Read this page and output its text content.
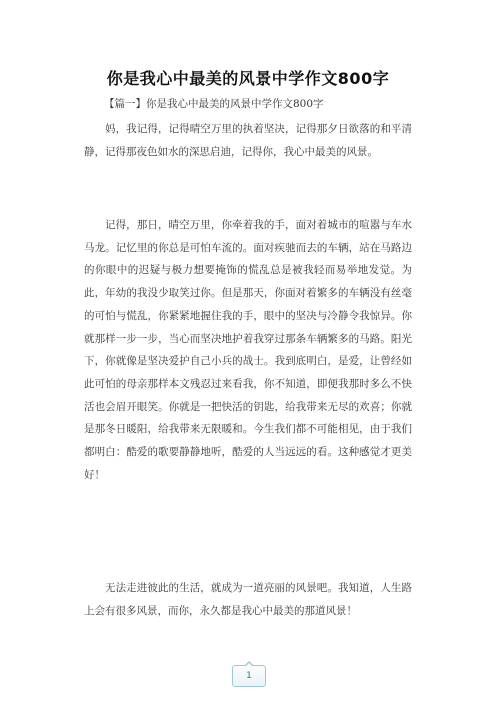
你是我心中最美的风景中学作文800字
【篇一】你是我心中最美的风景中学作文800字

妈，我记得，记得晴空万里的执着坚决，记得那夕日欲落的和平清静，记得那夜色如水的深思启迪，记得你，我心中最美的风景。

记得，那日，晴空万里，你牵着我的手，面对着城市的喧嚣与车水马龙。记忆里的你总是可怕车流的。面对疾驰而去的车辆，站在马路边的你眼中的迟疑与极力想要掩饰的慌乱总是被我轻而易举地发觉。为此，年幼的我没少取笑过你。但是那天，你面对着繁多的车辆没有丝毫的可怕与慌乱，你紧紧地握住我的手，眼中的坚决与冷静令我惊异。你就那样一步一步，当心而坚决地护着我穿过那条车辆繁多的马路。阳光下，你就像是坚决爱护自己小兵的战士。我到底明白，是爱，让曾经如此可怕的母亲那样本文残忍过来看我，你不知道，即便我那时多么不快活也会眉开眼笑。你就是一把快活的钥匙，给我带来无尽的欢喜；你就是那冬日暖阳，给我带来无限暖和。今生我们都不可能相见，由于我们都明白：酷爱的歌要静静地听，酷爱的人当远远的看。这种感觉才更美好！

无法走进彼此的生活，就成为一道亮丽的风景吧。我知道，人生路上会有很多风景，而你，永久都是我心中最美的那道风景！

1
